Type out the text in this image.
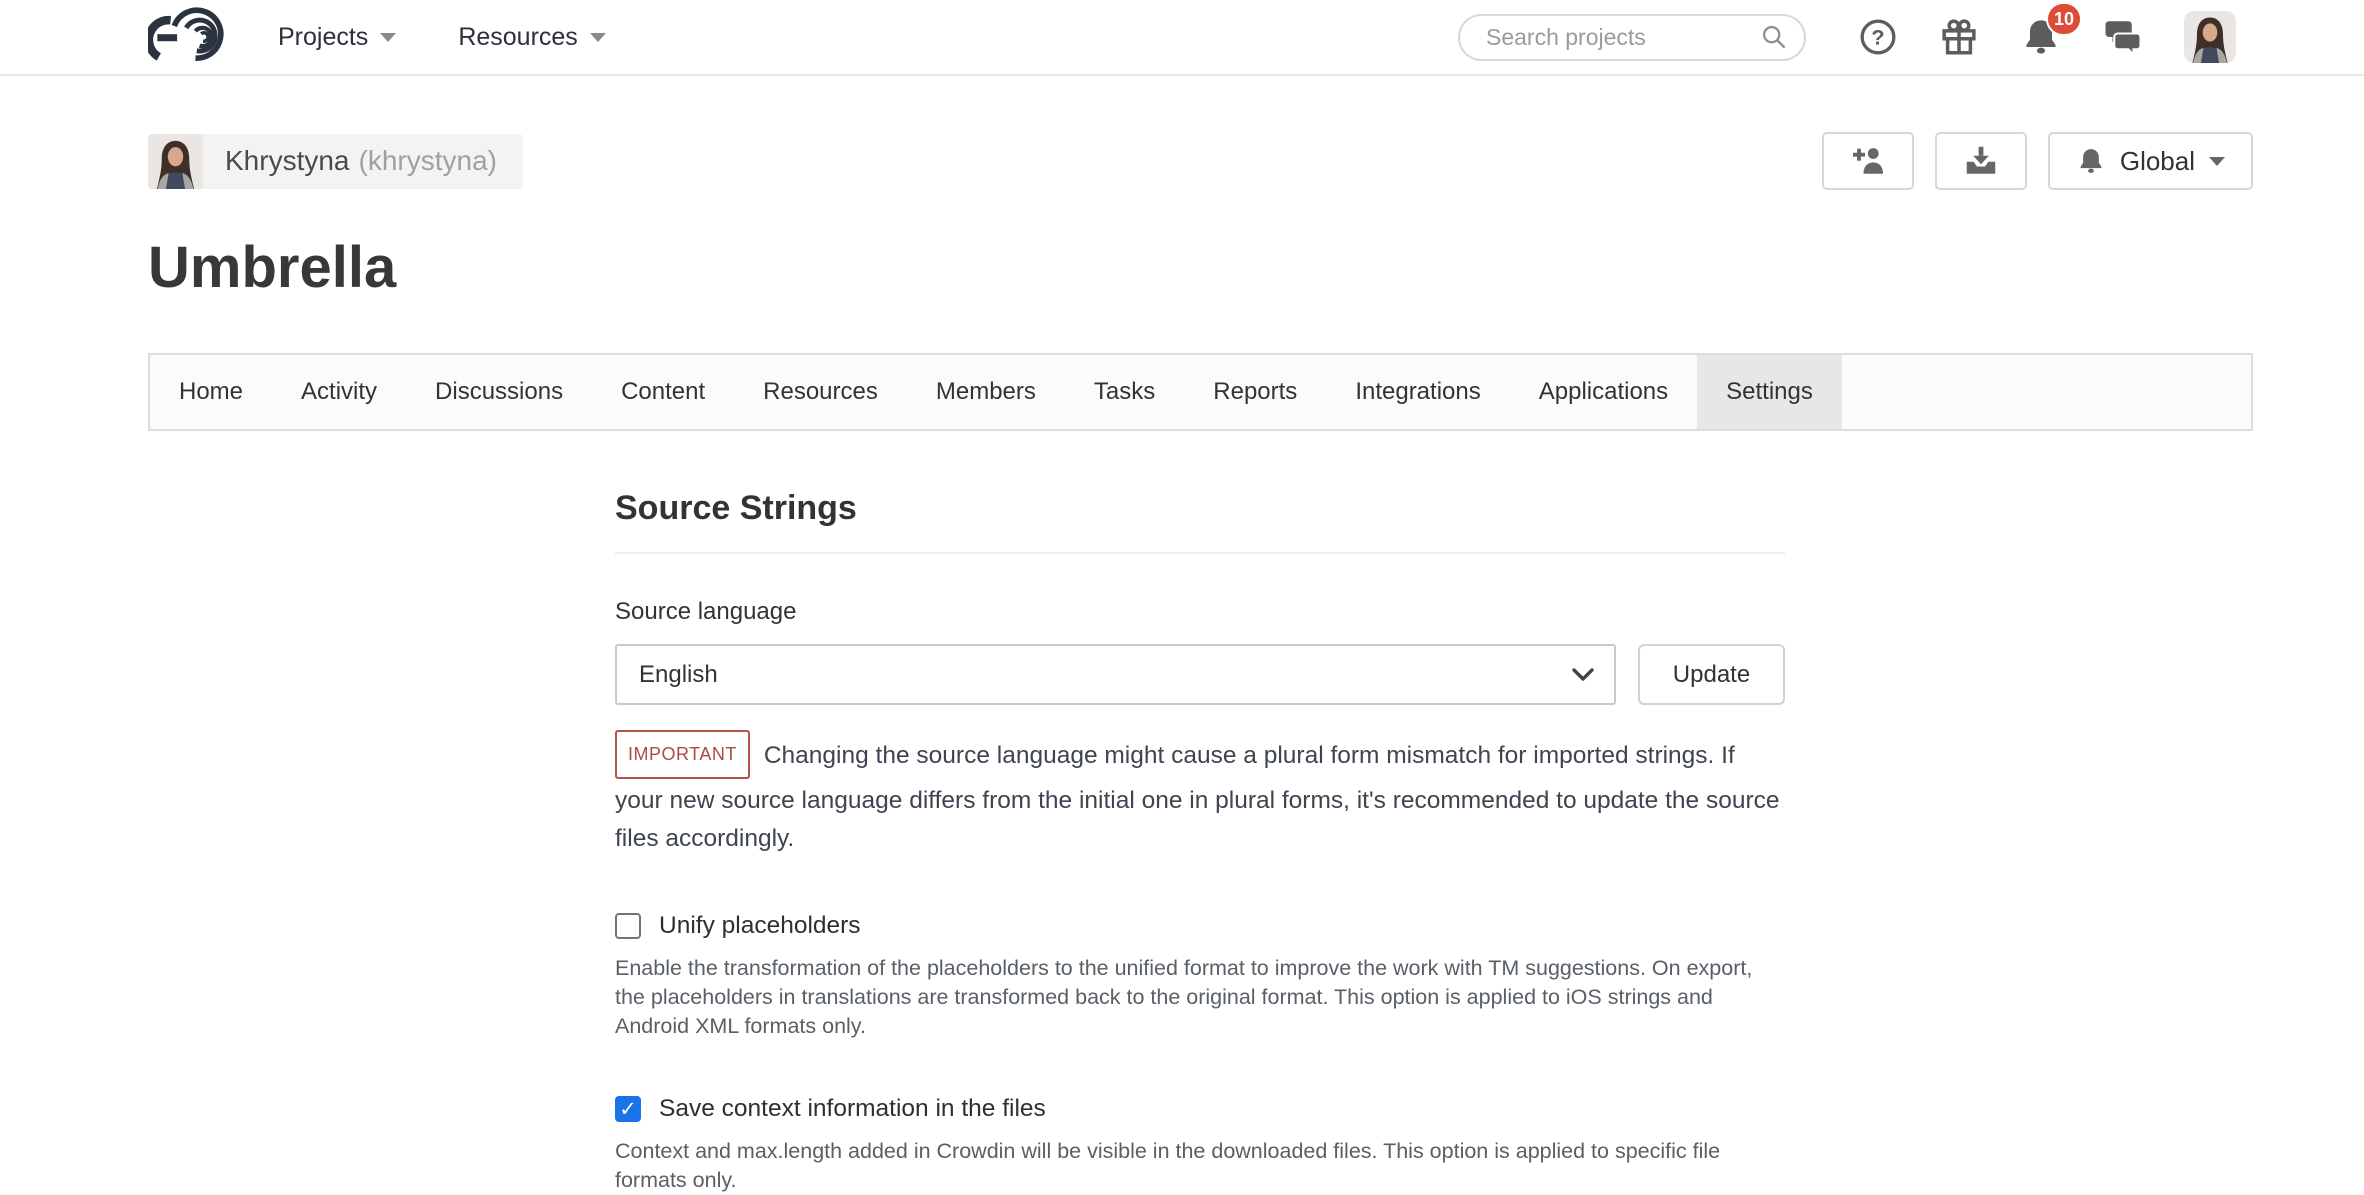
Projects	Resources
Search projects	?
10
Khrystyna (khrystyna)	Global
Umbrella
Home	Activity	Discussions	Content	Resources	Members	Tasks	Reports	Integrations	Applications	Settings
Source Strings
Source language
English
Update

IMPORTANT Changing the source language might cause a plural form mismatch for imported strings. If your new source language differs from the initial one in plural forms, it's recommended to update the source files accordingly.

Unify placeholders

Enable the transformation of the placeholders to the unified format to improve the work with TM suggestions. On export, the placeholders in translations are transformed back to the original format. This option is applied to iOS strings and Android XML formats only.

✓
Save context information in the files

Context and max.length added in Crowdin will be visible in the downloaded files. This option is applied to specific file formats only.
